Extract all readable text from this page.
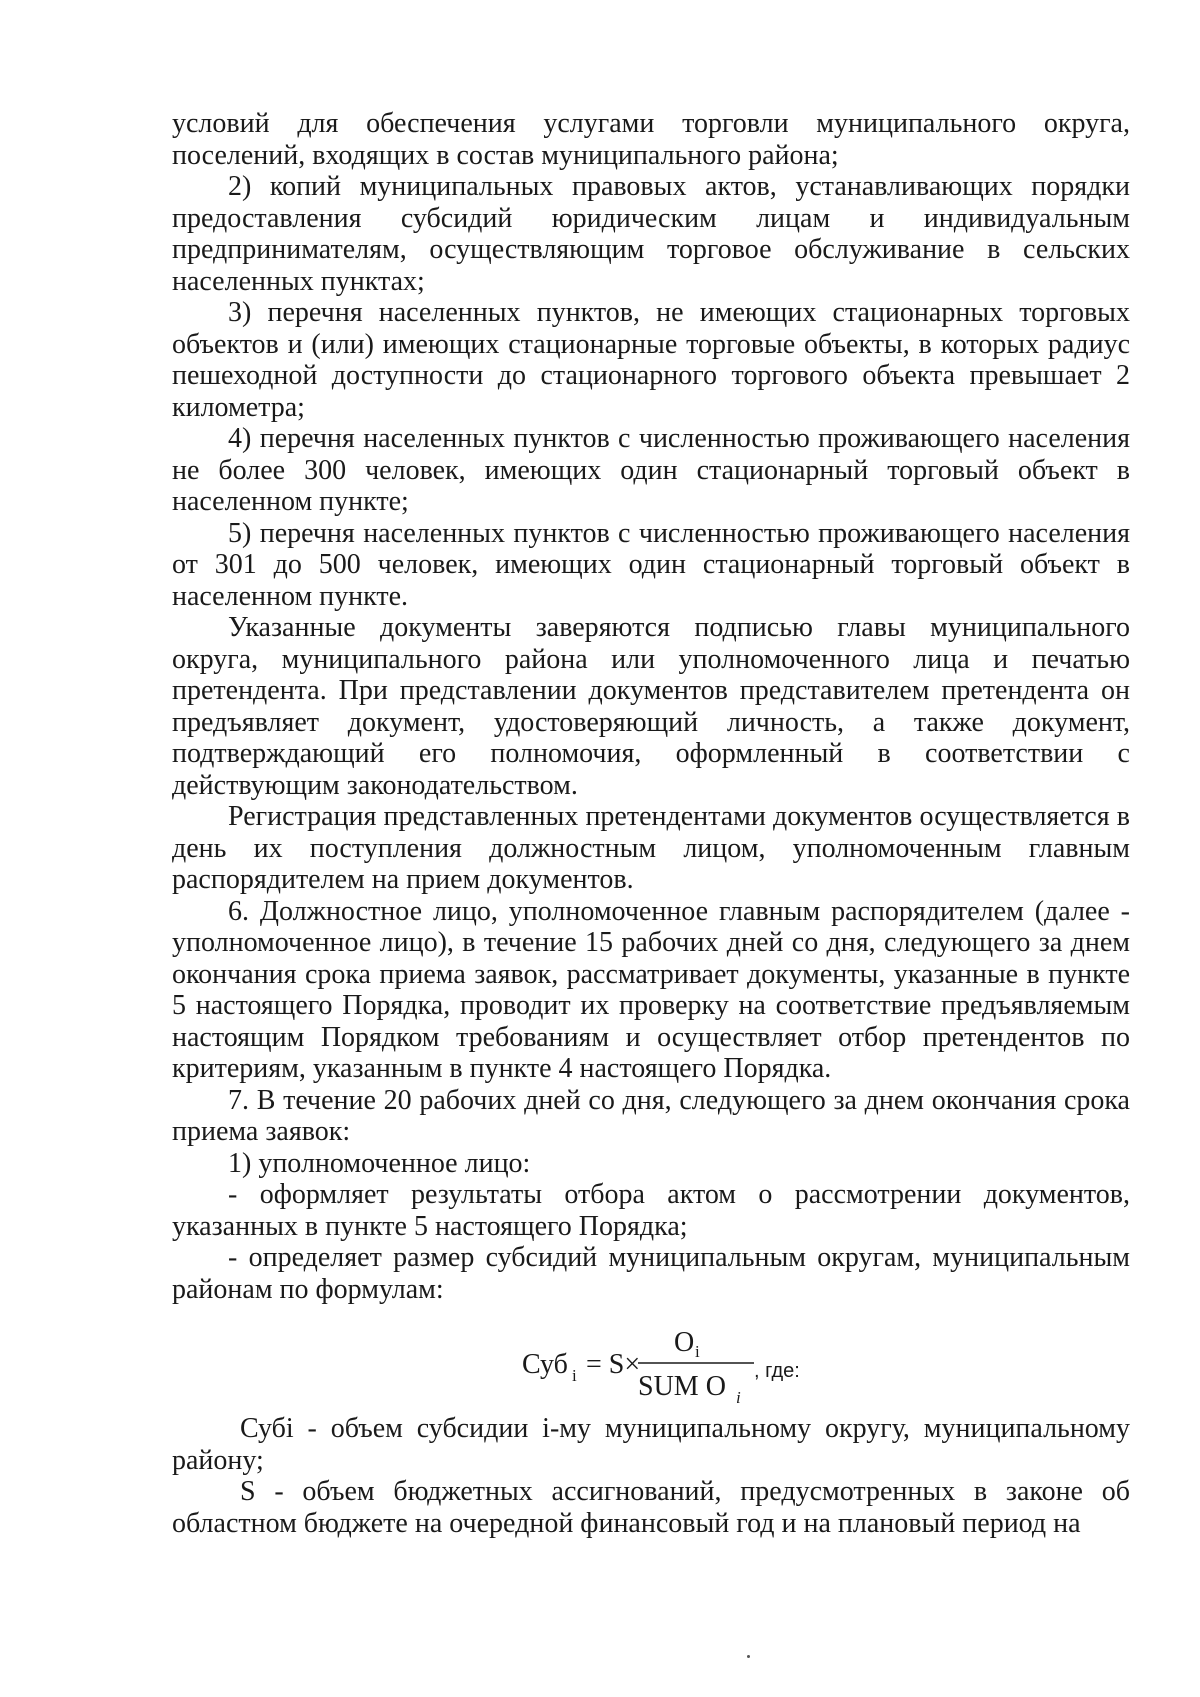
условий для обеспечения услугами торговли муниципального округа, поселений, входящих в состав муниципального района;

2) копий муниципальных правовых актов, устанавливающих порядки предоставления субсидий юридическим лицам и индивидуальным предпринимателям, осуществляющим торговое обслуживание в сельских населенных пунктах;

3) перечня населенных пунктов, не имеющих стационарных торговых объектов и (или) имеющих стационарные торговые объекты, в которых радиус пешеходной доступности до стационарного торгового объекта превышает 2 километра;

4) перечня населенных пунктов с численностью проживающего населения не более 300 человек, имеющих один стационарный торговый объект в населенном пункте;

5) перечня населенных пунктов с численностью проживающего населения от 301 до 500 человек, имеющих один стационарный торговый объект в населенном пункте.

Указанные документы заверяются подписью главы муниципального округа, муниципального района или уполномоченного лица и печатью претендента. При представлении документов представителем претендента он предъявляет документ, удостоверяющий личность, а также документ, подтверждающий его полномочия, оформленный в соответствии с действующим законодательством.

Регистрация представленных претендентами документов осуществляется в день их поступления должностным лицом, уполномоченным главным распорядителем на прием документов.

6. Должностное лицо, уполномоченное главным распорядителем (далее - уполномоченное лицо), в течение 15 рабочих дней со дня, следующего за днем окончания срока приема заявок, рассматривает документы, указанные в пункте 5 настоящего Порядка, проводит их проверку на соответствие предъявляемым настоящим Порядком требованиям и осуществляет отбор претендентов по критериям, указанным в пункте 4 настоящего Порядка.

7. В течение 20 рабочих дней со дня, следующего за днем окончания срока приема заявок:

1) уполномоченное лицо:

- оформляет результаты отбора актом о рассмотрении документов, указанных в пункте 5 настоящего Порядка;

- определяет размер субсидий муниципальным округам, муниципальным районам по формулам:

Суб i = S×
O i
SUM O i
, где:

Субi - объем субсидии i-му муниципальному округу, муниципальному району;

S - объем бюджетных ассигнований, предусмотренных в законе об областном бюджете на очередной финансовый год и на плановый период на
